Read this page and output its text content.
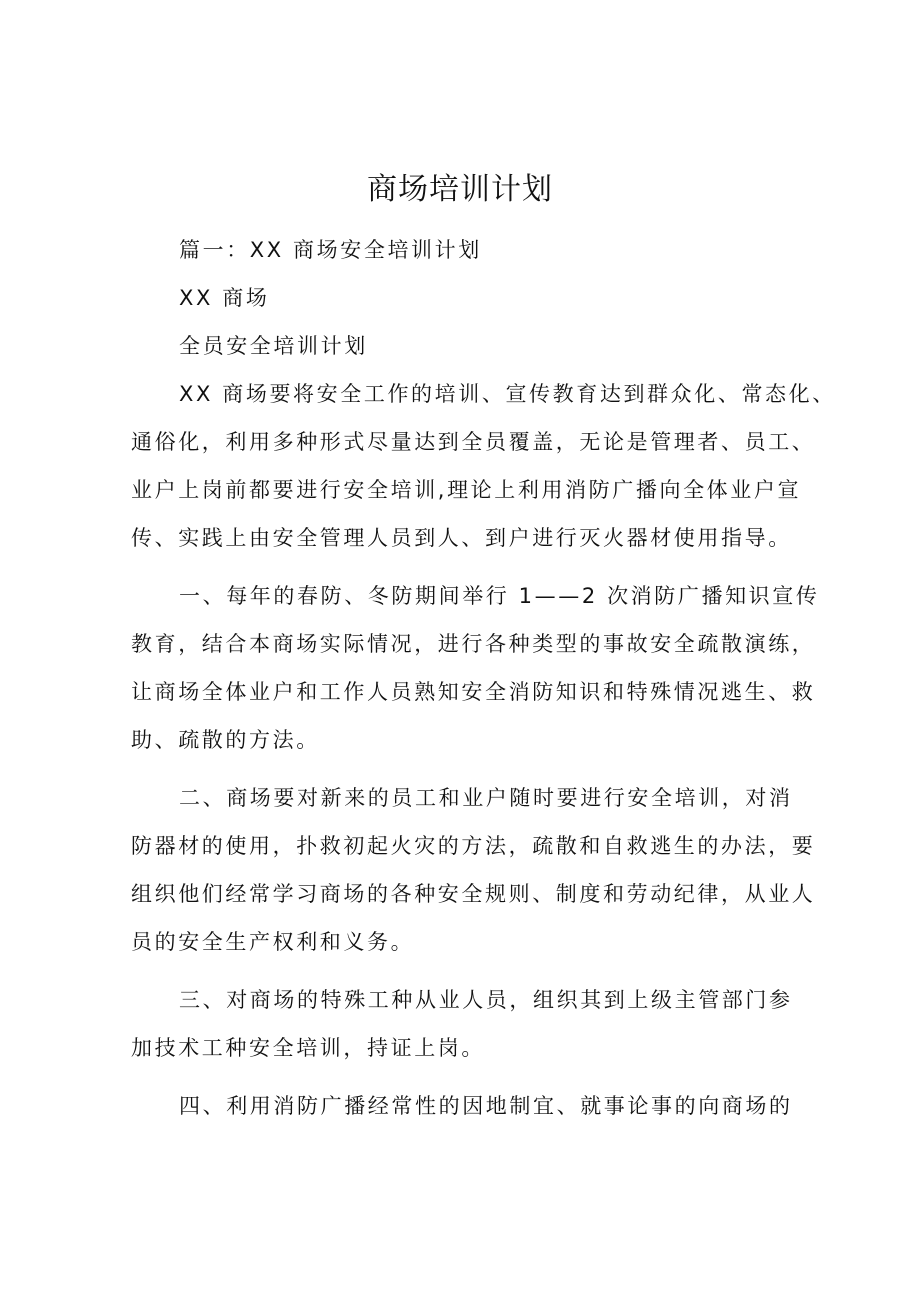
商场培训计划

篇一：XX 商场安全培训计划

XX 商场

全员安全培训计划

XX 商场要将安全工作的培训、宣传教育达到群众化、常态化、

通俗化，利用多种形式尽量达到全员覆盖，无论是管理者、员工、

业户上岗前都要进行安全培训,理论上利用消防广播向全体业户宣

传、实践上由安全管理人员到人、到户进行灭火器材使用指导。

一、每年的春防、冬防期间举行 1——2 次消防广播知识宣传

教育，结合本商场实际情况，进行各种类型的事故安全疏散演练，

让商场全体业户和工作人员熟知安全消防知识和特殊情况逃生、救

助、疏散的方法。

二、商场要对新来的员工和业户随时要进行安全培训，对消

防器材的使用，扑救初起火灾的方法，疏散和自救逃生的办法，要

组织他们经常学习商场的各种安全规则、制度和劳动纪律，从业人

员的安全生产权利和义务。

三、对商场的特殊工种从业人员，组织其到上级主管部门参

加技术工种安全培训，持证上岗。

四、利用消防广播经常性的因地制宜、就事论事的向商场的
